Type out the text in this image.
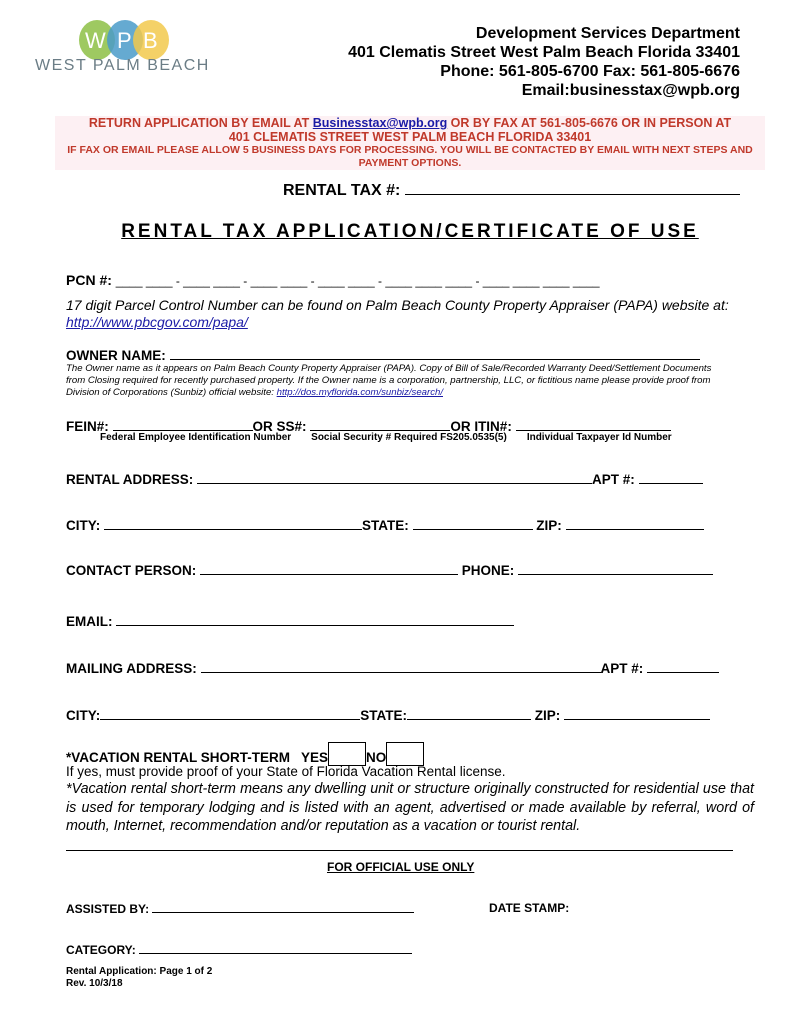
W P B
WEST PALM BEACH
Development Services Department
401 Clematis Street West Palm Beach Florida 33401
Phone: 561-805-6700 Fax: 561-805-6676
Email:businesstax@wpb.org
RETURN APPLICATION BY EMAIL AT Businesstax@wpb.org OR BY FAX AT 561-805-6676 OR IN PERSON AT
401 CLEMATIS STREET WEST PALM BEACH FLORIDA 33401
IF FAX OR EMAIL PLEASE ALLOW 5 BUSINESS DAYS FOR PROCESSING. YOU WILL BE CONTACTED BY EMAIL WITH NEXT STEPS AND PAYMENT OPTIONS.
RENTAL TAX #:
RENTAL TAX APPLICATION/CERTIFICATE OF USE
PCN #: ____ ____ - ____ ____ - ____ ____ - ____ ____ - ____ ____ ____ - ____ ____ ____ ____
17 digit Parcel Control Number can be found on Palm Beach County Property Appraiser (PAPA) website at: http://www.pbcgov.com/papa/
OWNER NAME:
The Owner name as it appears on Palm Beach County Property Appraiser (PAPA). Copy of Bill of Sale/Recorded Warranty Deed/Settlement Documents from Closing required for recently purchased property. If the Owner name is a corporation, partnership, LLC, or fictitious name please provide proof from Division of Corporations (Sunbiz) official website: http://dos.myflorida.com/sunbiz/search/
FEIN#:	OR SS#:	OR ITIN#:
Federal Employee Identification Number Social Security # Required FS205.0535(5) Individual Taxpayer Id Number
RENTAL ADDRESS:	APT #:
CITY:	STATE:	ZIP:
CONTACT PERSON:	PHONE:
EMAIL:
MAILING ADDRESS:	APT #:
CITY:	STATE:	ZIP:
*VACATION RENTAL SHORT-TERM YES	NO
If yes, must provide proof of your State of Florida Vacation Rental license.
*Vacation rental short-term means any dwelling unit or structure originally constructed for residential use that is used for temporary lodging and is listed with an agent, advertised or made available by referral, word of mouth, Internet, recommendation and/or reputation as a vacation or tourist rental.
FOR OFFICIAL USE ONLY
ASSISTED BY:	DATE STAMP:
CATEGORY:
Rental Application: Page 1 of 2
Rev. 10/3/18
